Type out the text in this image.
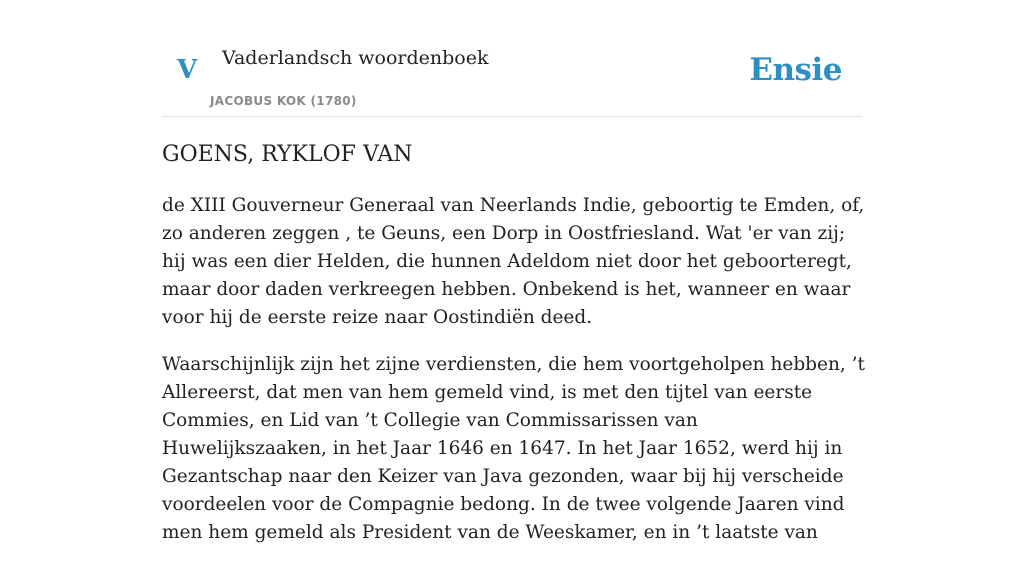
V Vaderlandsch woordenboek
JACOBUS KOK (1780)
Ensie
GOENS, RYKLOF VAN

de XIII Gouverneur Generaal van Neerlands Indie, geboortig te Emden, of, zo anderen zeggen , te Geuns, een Dorp in Oostfriesland. Wat 'er van zij; hij was een dier Helden, die hunnen Adeldom niet door het geboorteregt, maar door daden verkreegen hebben. Onbekend is het, wanneer en waar voor hij de eerste reize naar Oostindiën deed.

Waarschijnlijk zijn het zijne verdiensten, die hem voortgeholpen hebben, ’t Allereerst, dat men van hem gemeld vind, is met den tijtel van eerste Commies, en Lid van ’t Collegie van Commissarissen van Huwelijkszaaken, in het Jaar 1646 en 1647. In het Jaar 1652, werd hij in Gezantschap naar den Keizer van Java gezonden, waar bij hij verscheide voordeelen voor de Compagnie bedong. In de twee volgende Jaaren vind men hem gemeld als President van de Weeskamer, en in ’t laatste van
